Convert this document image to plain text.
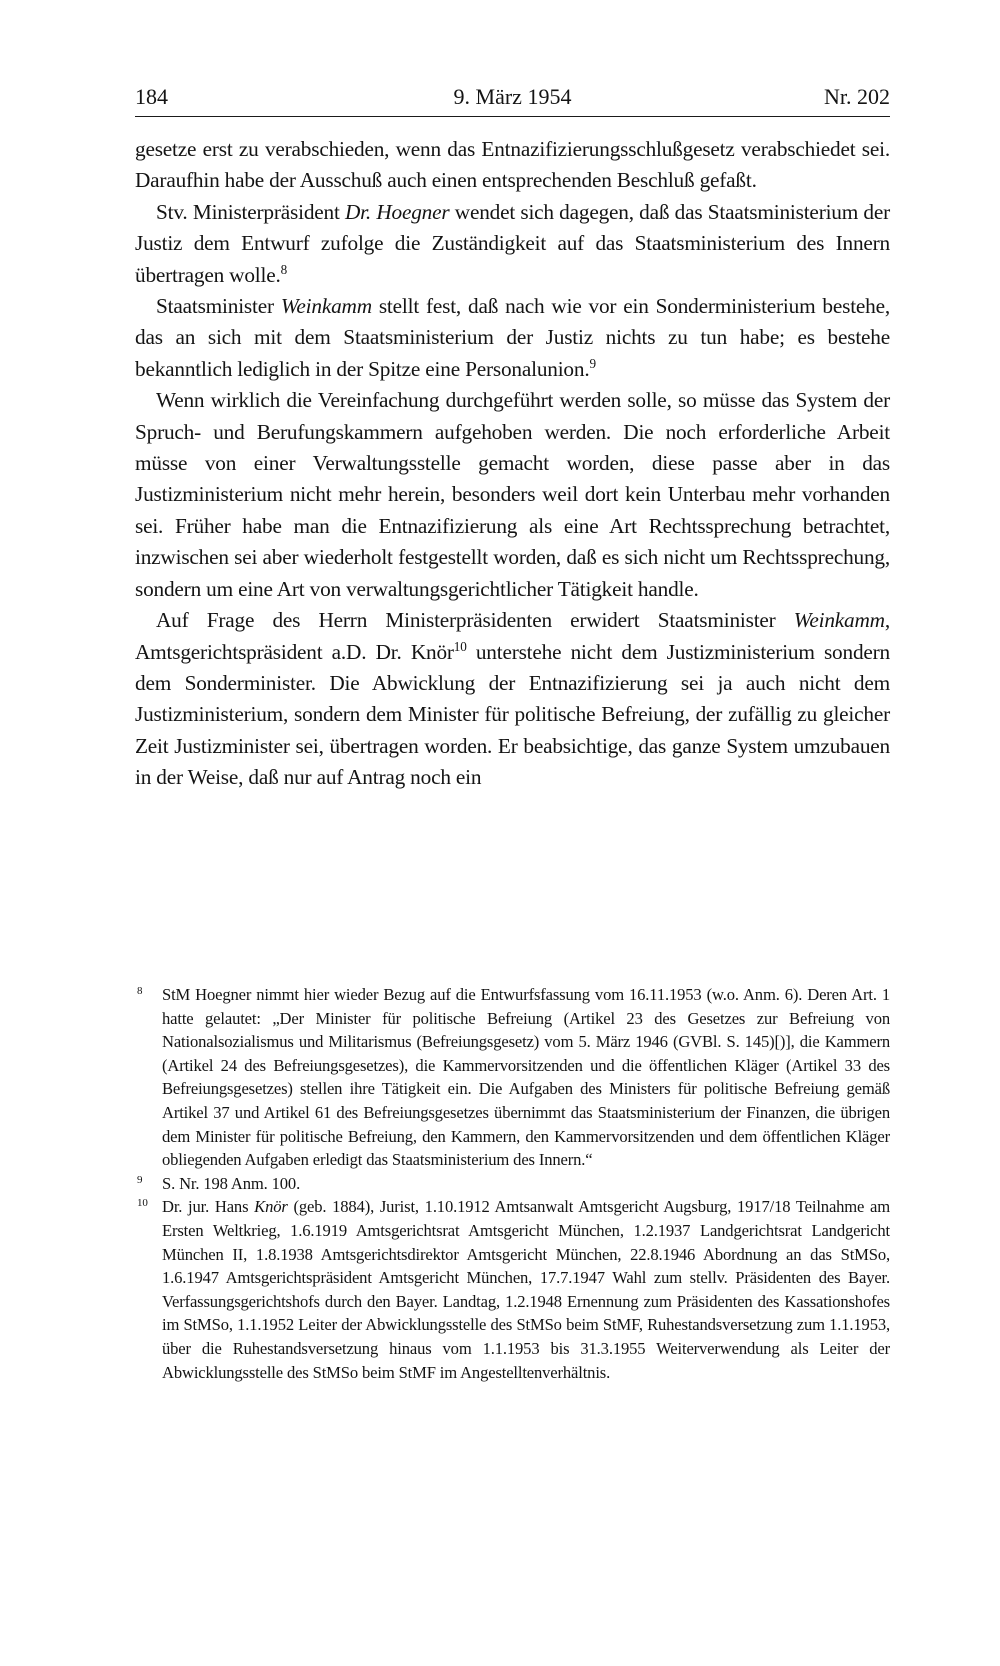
184	9. März 1954	Nr. 202

gesetze erst zu verabschieden, wenn das Entnazifizierungsschlußgesetz verabschiedet sei. Daraufhin habe der Ausschuß auch einen entsprechenden Beschluß gefaßt.

Stv. Ministerpräsident Dr. Hoegner wendet sich dagegen, daß das Staatsministerium der Justiz dem Entwurf zufolge die Zuständigkeit auf das Staatsministerium des Innern übertragen wolle.$^8$

Staatsminister Weinkamm stellt fest, daß nach wie vor ein Sonderministerium bestehe, das an sich mit dem Staatsministerium der Justiz nichts zu tun habe; es bestehe bekanntlich lediglich in der Spitze eine Personalunion.$^9$

Wenn wirklich die Vereinfachung durchgeführt werden solle, so müsse das System der Spruch- und Berufungskammern aufgehoben werden. Die noch erforderliche Arbeit müsse von einer Verwaltungsstelle gemacht worden, diese passe aber in das Justizministerium nicht mehr herein, besonders weil dort kein Unterbau mehr vorhanden sei. Früher habe man die Entnazifizierung als eine Art Rechtssprechung betrachtet, inzwischen sei aber wiederholt festgestellt worden, daß es sich nicht um Rechtssprechung, sondern um eine Art von verwaltungsgerichtlicher Tätigkeit handle.

Auf Frage des Herrn Ministerpräsidenten erwidert Staatsminister Weinkamm, Amtsgerichtspräsident a.D. Dr. Knör$^{10}$ unterstehe nicht dem Justizministerium sondern dem Sonderminister. Die Abwicklung der Entnazifizierung sei ja auch nicht dem Justizministerium, sondern dem Minister für politische Befreiung, der zufällig zu gleicher Zeit Justizminister sei, übertragen worden. Er beabsichtige, das ganze System umzubauen in der Weise, daß nur auf Antrag noch ein

8 StM Hoegner nimmt hier wieder Bezug auf die Entwurfsfassung vom 16.11.1953 (w.o. Anm. 6). Deren Art. 1 hatte gelautet: „Der Minister für politische Befreiung (Artikel 23 des Gesetzes zur Befreiung von Nationalsozialismus und Militarismus (Befreiungsgesetz) vom 5. März 1946 (GVBl. S. 145)[)], die Kammern (Artikel 24 des Befreiungsgesetzes), die Kammervorsitzenden und die öffentlichen Kläger (Artikel 33 des Befreiungsgesetzes) stellen ihre Tätigkeit ein. Die Aufgaben des Ministers für politische Befreiung gemäß Artikel 37 und Artikel 61 des Befreiungsgesetzes übernimmt das Staatsministerium der Finanzen, die übrigen dem Minister für politische Befreiung, den Kammern, den Kammervorsitzenden und dem öffentlichen Kläger obliegenden Aufgaben erledigt das Staatsministerium des Innern.“

9 S. Nr. 198 Anm. 100.

10 Dr. jur. Hans Knör (geb. 1884), Jurist, 1.10.1912 Amtsanwalt Amtsgericht Augsburg, 1917/18 Teilnahme am Ersten Weltkrieg, 1.6.1919 Amtsgerichtsrat Amtsgericht München, 1.2.1937 Landgerichtsrat Landgericht München II, 1.8.1938 Amtsgerichtsdirektor Amtsgericht München, 22.8.1946 Abordnung an das StMSo, 1.6.1947 Amtsgerichtspräsident Amtsgericht München, 17.7.1947 Wahl zum stellv. Präsidenten des Bayer. Verfassungsgerichtshofs durch den Bayer. Landtag, 1.2.1948 Ernennung zum Präsidenten des Kassationshofes im StMSo, 1.1.1952 Leiter der Abwicklungsstelle des StMSo beim StMF, Ruhestandsversetzung zum 1.1.1953, über die Ruhestandsversetzung hinaus vom 1.1.1953 bis 31.3.1955 Weiterverwendung als Leiter der Abwicklungsstelle des StMSo beim StMF im Angestelltenverhältnis.
